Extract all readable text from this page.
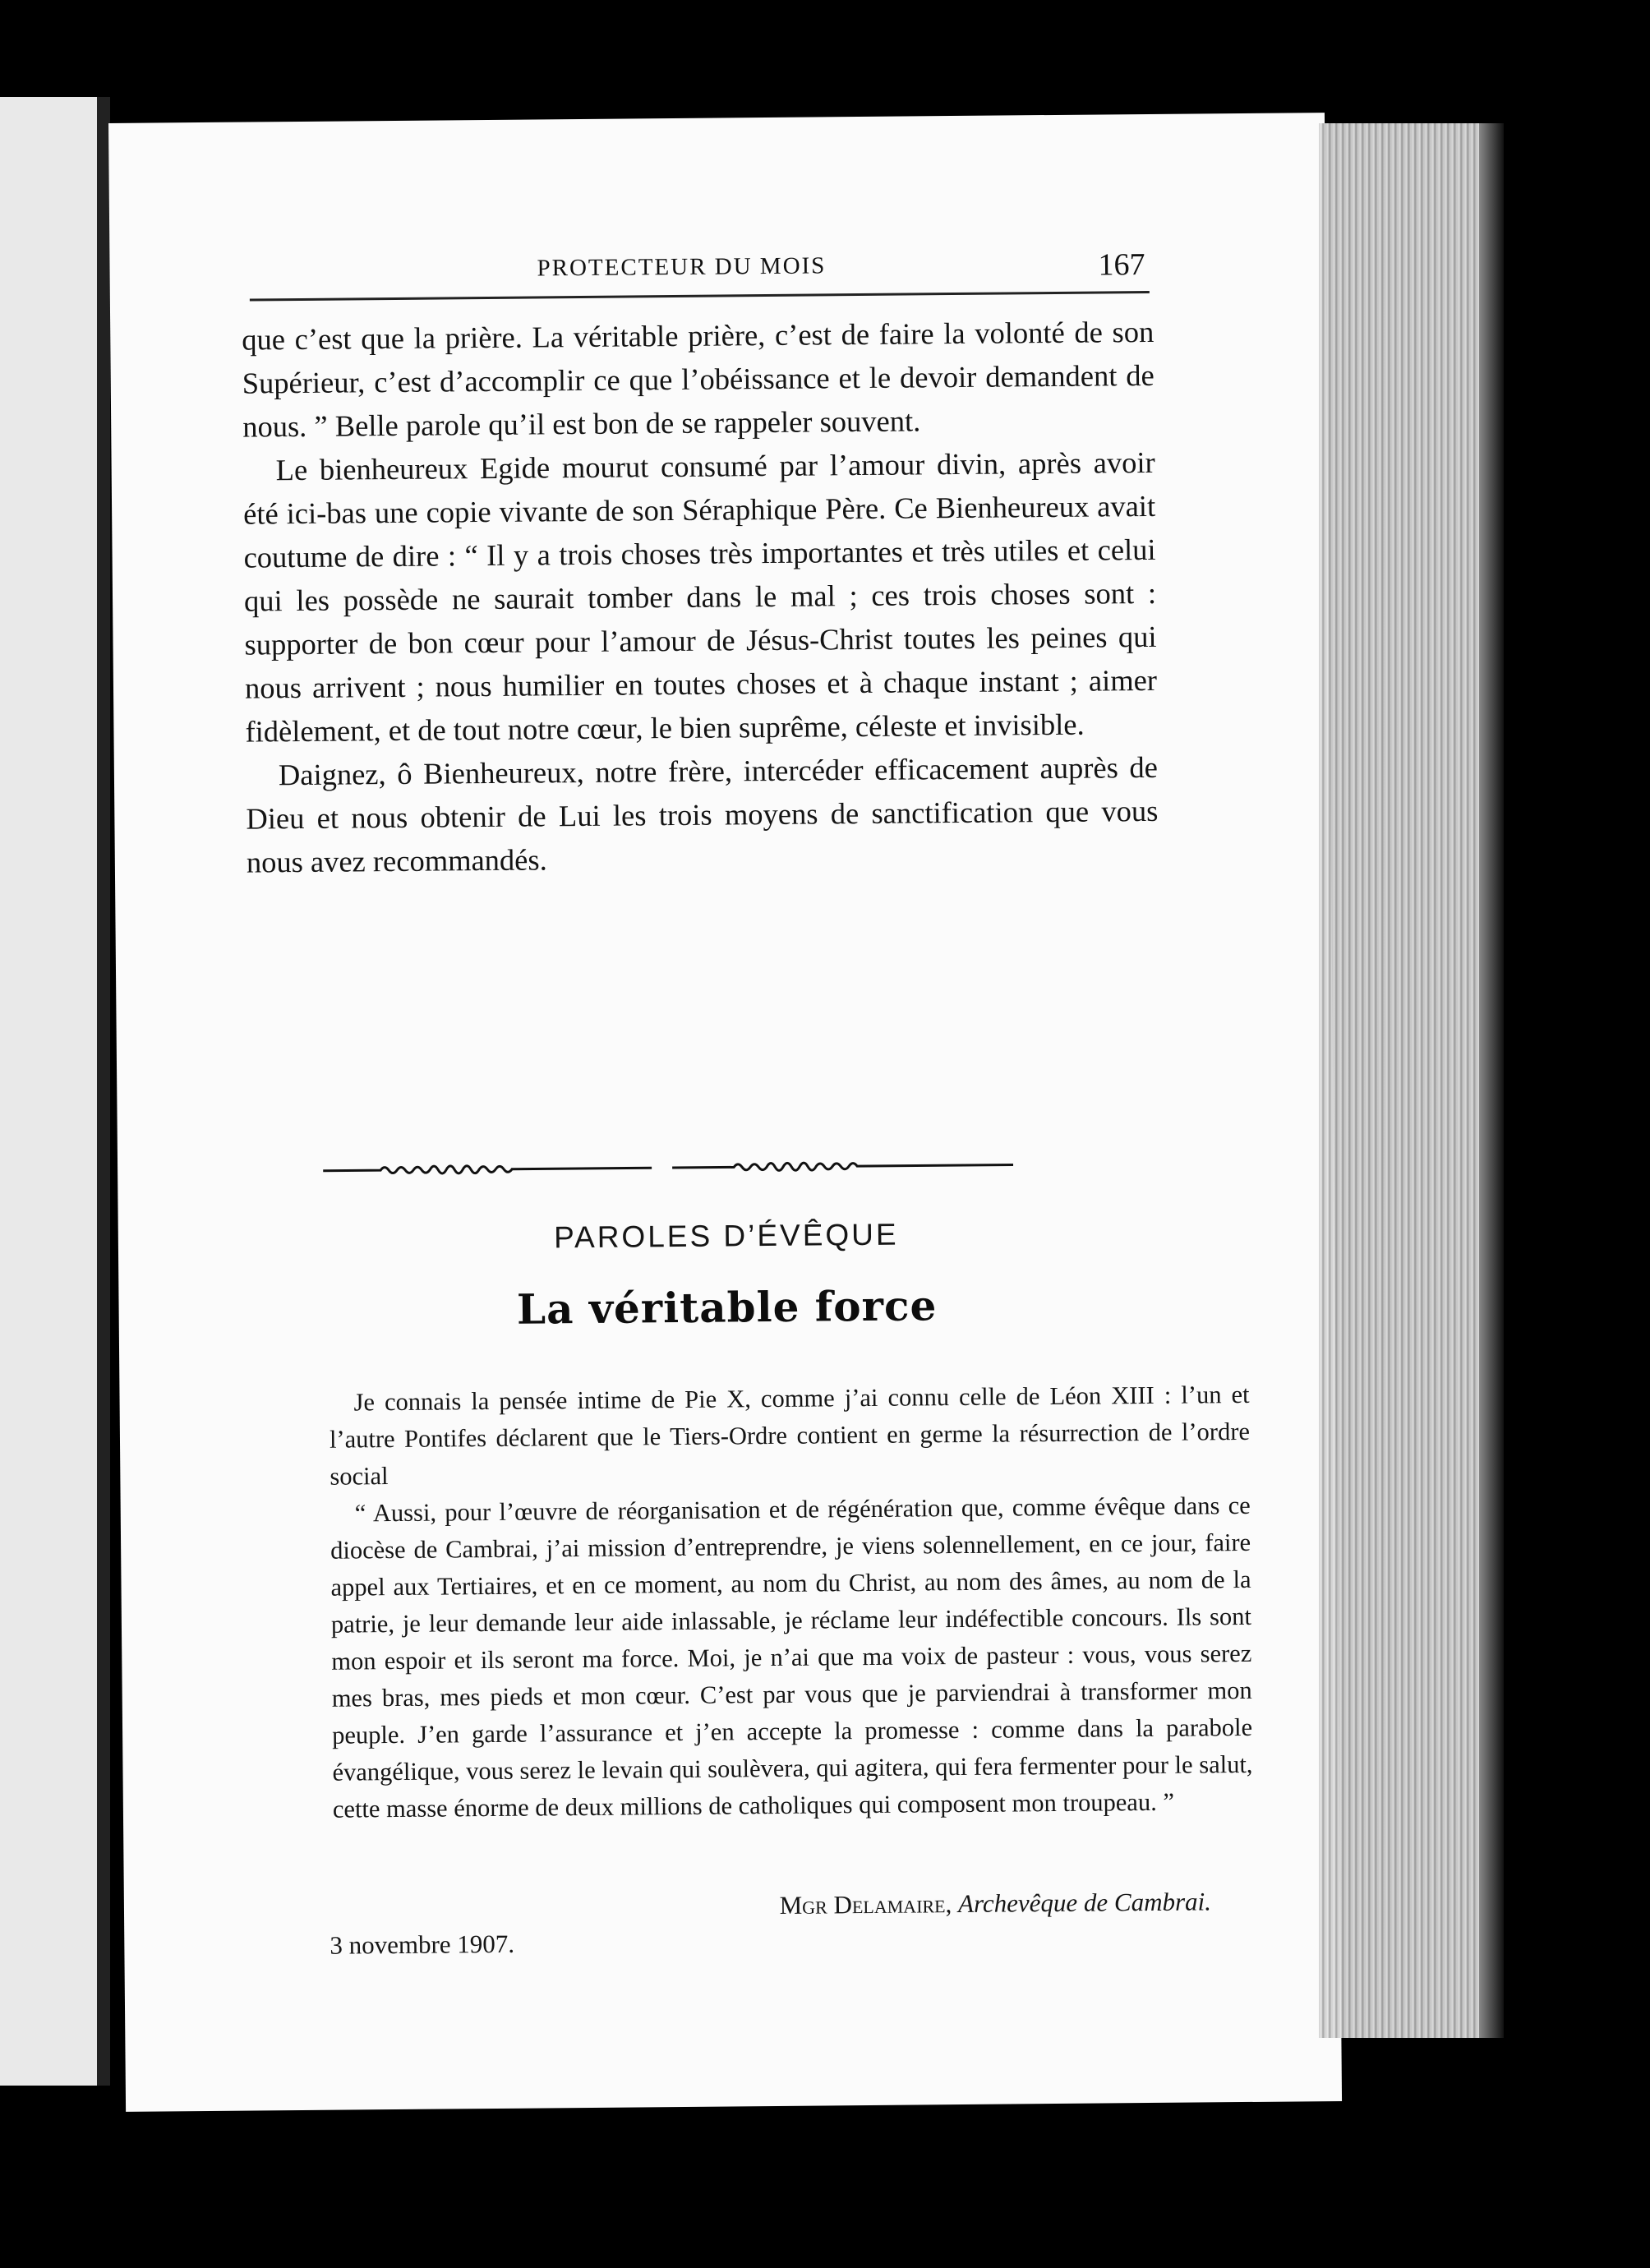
PROTECTEUR DU MOIS	167

que c’est que la prière. La véritable prière, c’est de faire la volonté de son Supérieur, c’est d’accomplir ce que l’obéissance et le devoir demandent de nous. ” Belle parole qu’il est bon de se rappeler souvent.

Le bienheureux Egide mourut consumé par l’amour divin, après avoir été ici-bas une copie vivante de son Séraphique Père. Ce Bienheureux avait coutume de dire : “ Il y a trois choses très importantes et très utiles et celui qui les possède ne saurait tomber dans le mal ; ces trois choses sont : supporter de bon cœur pour l’amour de Jésus-Christ toutes les peines qui nous arrivent ; nous humilier en toutes choses et à chaque instant ; aimer fidèlement, et de tout notre cœur, le bien suprême, céleste et invisible.

Daignez, ô Bienheureux, notre frère, intercéder efficacement auprès de Dieu et nous obtenir de Lui les trois moyens de sanctification que vous nous avez recommandés.

PAROLES D’ÉVÊQUE
La véritable force

Je connais la pensée intime de Pie X, comme j’ai connu celle de Léon XIII : l’un et l’autre Pontifes déclarent que le Tiers-Ordre contient en germe la résurrection de l’ordre social

“ Aussi, pour l’œuvre de réorganisation et de régénération que, comme évêque dans ce diocèse de Cambrai, j’ai mission d’entreprendre, je viens solennellement, en ce jour, faire appel aux Tertiaires, et en ce moment, au nom du Christ, au nom des âmes, au nom de la patrie, je leur demande leur aide inlassable, je réclame leur indéfectible concours. Ils sont mon espoir et ils seront ma force. Moi, je n’ai que ma voix de pasteur : vous, vous serez mes bras, mes pieds et mon cœur. C’est par vous que je parviendrai à transformer mon peuple. J’en garde l’assurance et j’en accepte la promesse : comme dans la parabole évangélique, vous serez le levain qui soulèvera, qui agitera, qui fera fermenter pour le salut, cette masse énorme de deux millions de catholiques qui composent mon troupeau. ”

Mgr Delamaire, Archevêque de Cambrai.
3 novembre 1907.
